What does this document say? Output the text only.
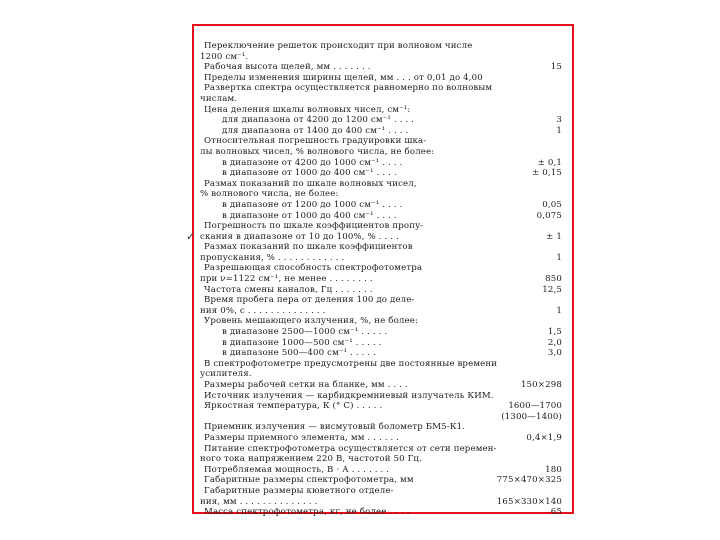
Переключение решеток происходит при волновом числе
1200 см⁻¹.
Рабочая высота щелей, мм . . . . . . .	15
Пределы изменения ширины щелей, мм . . . от 0,01 до 4,00
Развертка спектра осуществляется равномерно по волновым
числам.
Цена деления шкалы волновых чисел, см⁻¹:
для диапазона от 4200 до 1200 см⁻¹ . . . .	3
для диапазона от 1400 до 400 см⁻¹ . . . .	1
Относительная погрешность градуировки шка-
лы волновых чисел, % волнового числа, не более:
в диапазоне от 4200 до 1000 см⁻¹ . . . .	± 0,1
в диапазоне от 1000 до 400 см⁻¹ . . . .	± 0,15
Размах показаний по шкале волновых чисел,
% волнового числа, не более:
в диапазоне от 1200 до 1000 см⁻¹ . . . .	0,05
в диапазоне от 1000 до 400 см⁻¹ . . . .	0,075
Погрешность по шкале коэффициентов пропу-
✓ скания в диапазоне от 10 до 100%, % . . . .	± 1
Размах показаний по шкале коэффициентов
пропускания, % . . . . . . . . . . . .	1
Разрешающая способность спектрофотометра
при ν=1122 см⁻¹, не менее . . . . . . . .	850
Частота смены каналов, Гц . . . . . . .	12,5
Время пробега пера от деления 100 до деле-
ния 0%, с . . . . . . . . . . . . . .	1
Уровень мешающего излучения, %, не более:
в диапазоне 2500—1000 см⁻¹ . . . . .	1,5
в диапазоне 1000—500 см⁻¹ . . . . .	2,0
в диапазоне 500—400 см⁻¹ . . . . .	3,0
В спектрофотометре предусмотрены две постоянные времени
усилителя.
Размеры рабочей сетки на бланке, мм . . . .	150×298
Источник излучения — карбидкремниевый излучатель КИМ.
Яркостная температура, К (° С) . . . . .	1600—1700
(1300—1400)
Приемник излучения — висмутовый болометр БМ5-К1.
Размеры приемного элемента, мм . . . . . .	0,4×1,9
Питание спектрофотометра осуществляется от сети перемен-
ного тока напряжением 220 В, частотой 50 Гц.
Потребляемая мощность, В · А . . . . . . .	180
Габаритные размеры спектрофотометра, мм	775×470×325
Габаритные размеры кюветного отделе-
ния, мм . . . . . . . . . . . . . .	165×330×140
Масса спектрофотометра, кг, не более . . . .	65
